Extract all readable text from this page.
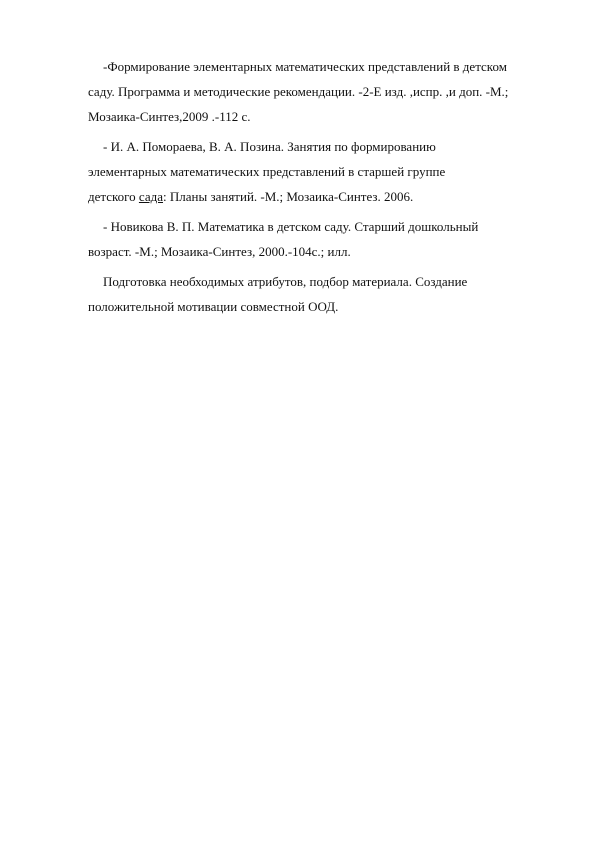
-Формирование элементарных математических представлений в детском
саду. Программа и методические рекомендации. -2-Е изд. ,испр. ,и доп. -М.;
Мозаика-Синтез,2009 .-112 с.

- И. А. Помораева, В. А. Позина. Занятия по формированию
элементарных математических представлений в старшей группе
детского сада: Планы занятий. -М.; Мозаика-Синтез. 2006.

- Новикова В. П. Математика в детском саду. Старший дошкольный
возраст. -М.; Мозаика-Синтез, 2000.-104с.; илл.

Подготовка необходимых атрибутов, подбор материала. Создание
положительной мотивации совместной ООД.
